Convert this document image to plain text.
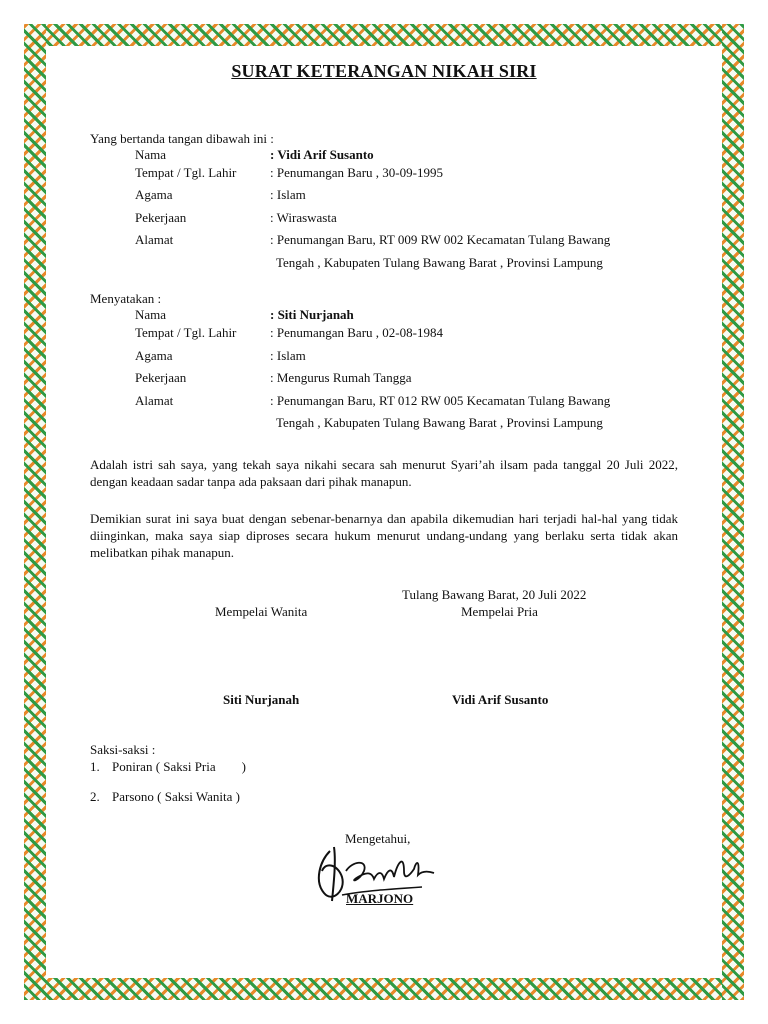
SURAT KETERANGAN NIKAH SIRI
Yang bertanda tangan dibawah ini :
Nama	: Vidi Arif Susanto
Tempat / Tgl. Lahir	: Penumangan Baru , 30-09-1995
Agama	: Islam
Pekerjaan	: Wiraswasta
Alamat	: Penumangan Baru, RT 009 RW 002 Kecamatan Tulang Bawang
Tengah , Kabupaten Tulang Bawang Barat , Provinsi Lampung
Menyatakan :
Nama	: Siti Nurjanah
Tempat / Tgl. Lahir	: Penumangan Baru , 02-08-1984
Agama	: Islam
Pekerjaan	: Mengurus Rumah Tangga
Alamat	: Penumangan Baru, RT 012 RW 005 Kecamatan Tulang Bawang
Tengah , Kabupaten Tulang Bawang Barat , Provinsi Lampung

Adalah istri sah saya, yang tekah saya nikahi secara sah menurut Syari’ah ilsam pada tanggal 20 Juli 2022, dengan keadaan sadar tanpa ada paksaan dari pihak manapun.

Demikian surat ini saya buat dengan sebenar-benarnya dan apabila dikemudian hari terjadi hal-hal yang tidak diinginkan, maka saya siap diproses secara hukum menurut undang-undang yang berlaku serta tidak akan melibatkan pihak manapun.

Tulang Bawang Barat, 20 Juli 2022
Mempelai Wanita	Mempelai Pria
Siti Nurjanah	Vidi Arif Susanto
Saksi-saksi :
1. Poniran ( Saksi Pria        )
2. Parsono ( Saksi Wanita )
Mengetahui,
MARJONO
